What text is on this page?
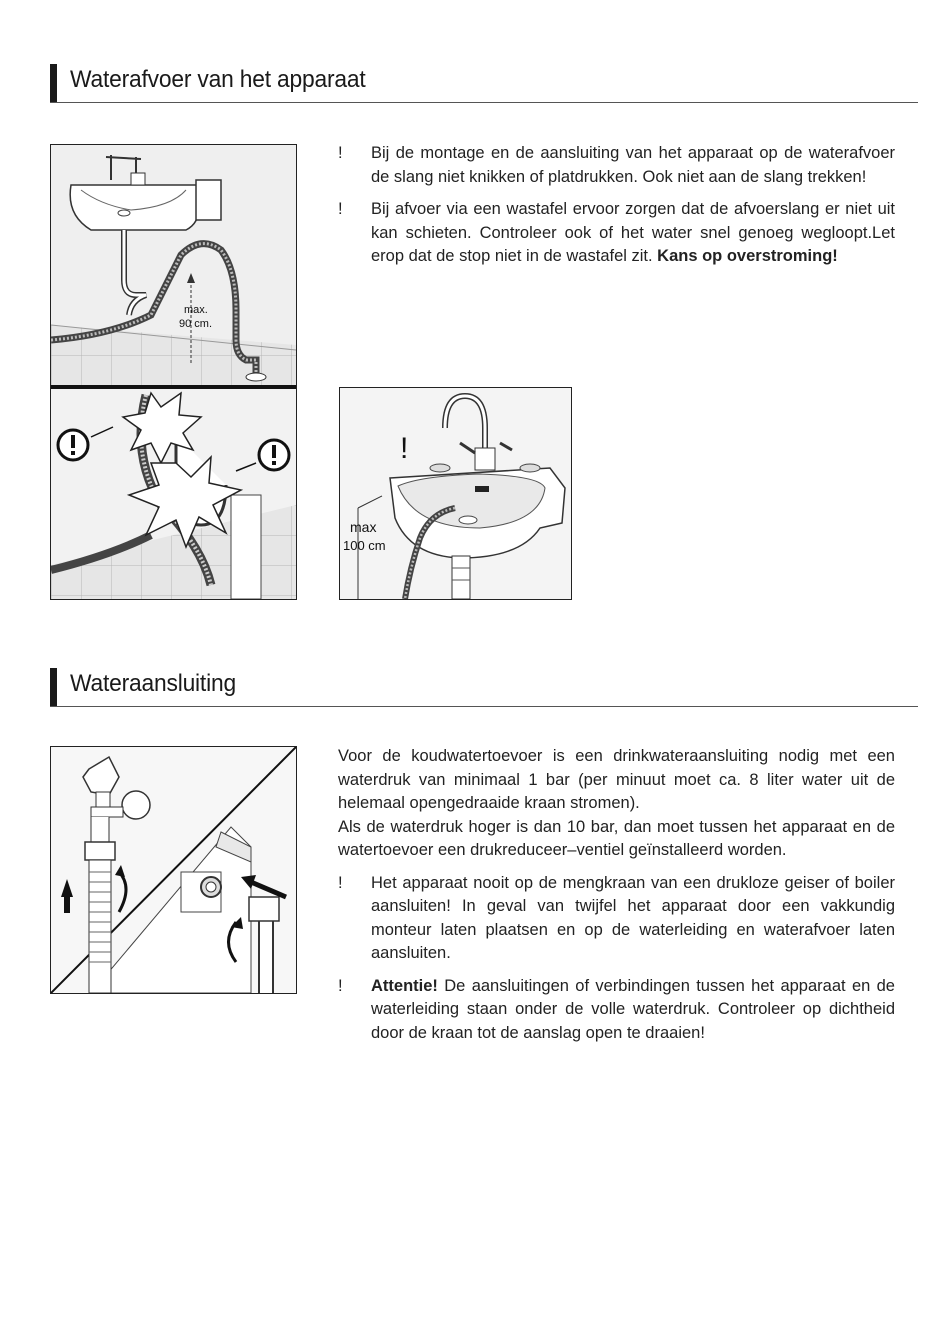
Waterafvoer van het apparaat
max.
90 cm.
! Bij de montage en de aansluiting van het apparaat op de waterafvoer de slang niet knikken of platdrukken. Ook niet aan de slang trekken!
! Bij afvoer via een wastafel ervoor zorgen dat de afvoerslang er niet uit kan schieten. Controleer ook of het water snel genoeg wegloopt.Let erop dat de stop niet in de wastafel zit. Kans op overstroming!
!
max
100 cm
Wateraansluiting
Voor de koudwatertoevoer is een drinkwateraansluiting nodig met een waterdruk van minimaal 1 bar (per minuut moet ca. 8 liter water uit de helemaal opengedraaide kraan stromen).
Als de waterdruk hoger is dan 10 bar, dan moet tussen het apparaat en de watertoevoer een drukreduceer–ventiel geïnstalleerd worden.
! Het apparaat nooit op de mengkraan van een drukloze geiser of boiler aansluiten! In geval van twijfel het apparaat door een vakkundig monteur laten plaatsen en op de waterleiding en waterafvoer laten aansluiten.
! Attentie! De aansluitingen of verbindingen tussen het apparaat en de waterleiding staan onder de volle waterdruk. Controleer op dichtheid door de kraan tot de aanslag open te draaien!
